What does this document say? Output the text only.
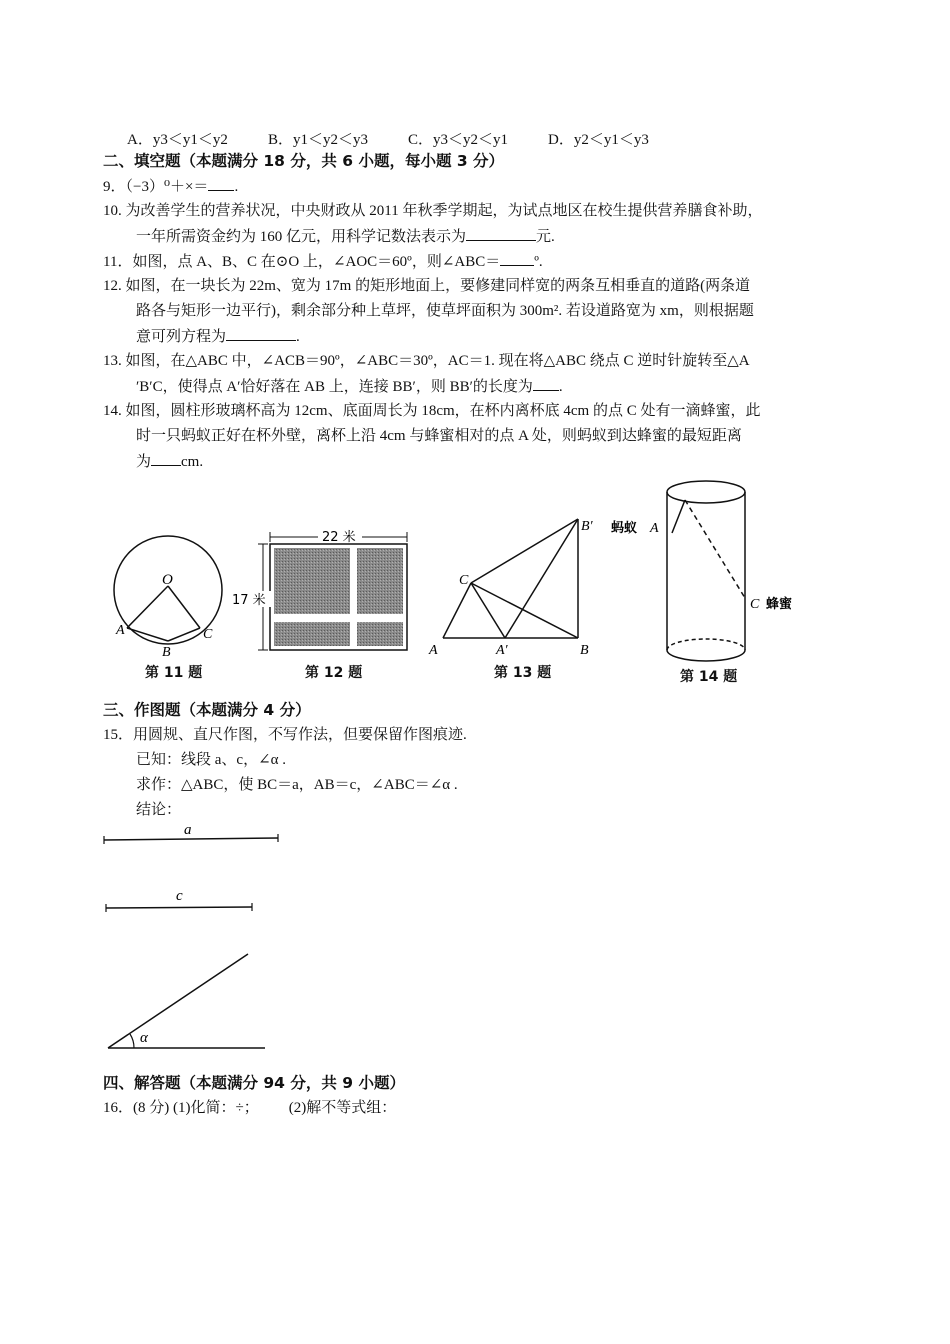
A．y3＜y1＜y2	B．y1＜y2＜y3	C．y3＜y2＜y1	D．y2＜y1＜y3
二、填空题（本题满分 18 分，共 6 小题，每小题 3 分）
9．（−3）⁰＋×＝ .
10. 为改善学生的营养状况，中央财政从 2011 年秋季学期起，为试点地区在校生提供营养膳食补助，
一年所需资金约为 160 亿元，用科学记数法表示为	元.
11．如图，点 A、B、C 在⊙O 上，∠AOC＝60º，则∠ABC＝ º.
12. 如图，在一块长为 22m、宽为 17m 的矩形地面上，要修建同样宽的两条互相垂直的道路(两条道
路各与矩形一边平行)，剩余部分种上草坪，使草坪面积为 300m². 若设道路宽为 xm，则根据题
意可列方程为	.
13. 如图，在△ABC 中，∠ACB＝90º，∠ABC＝30º，AC＝1. 现在将△ABC 绕点 C 逆时针旋转至△A
′B′C，使得点 A′恰好落在 AB 上，连接 BB′，则 BB′的长度为 .
14. 如图，圆柱形玻璃杯高为 12cm、底面周长为 18cm，在杯内离杯底 4cm 的点 C 处有一滴蜂蜜，此
时一只蚂蚁正好在杯外壁，离杯上沿 4cm 与蜂蜜相对的点 A 处，则蚂蚁到达蜂蜜的最短距离
为 cm.
O
A
B
C
22 米
17 米
C
A	A′	B
B′ 蚂蚁 A
C 蜂蜜
a
c
α
第 11 题	第 12 题	第 13 题	第 14 题
三、作图题（本题满分 4 分）
15．用圆规、直尺作图，不写作法，但要保留作图痕迹.
已知：线段 a、c，∠α .
求作：△ABC，使 BC＝a，AB＝c，∠ABC＝∠α .
结论：
四、解答题（本题满分 94 分，共 9 小题）
16．(8 分) (1)化简：÷；        (2)解不等式组：
